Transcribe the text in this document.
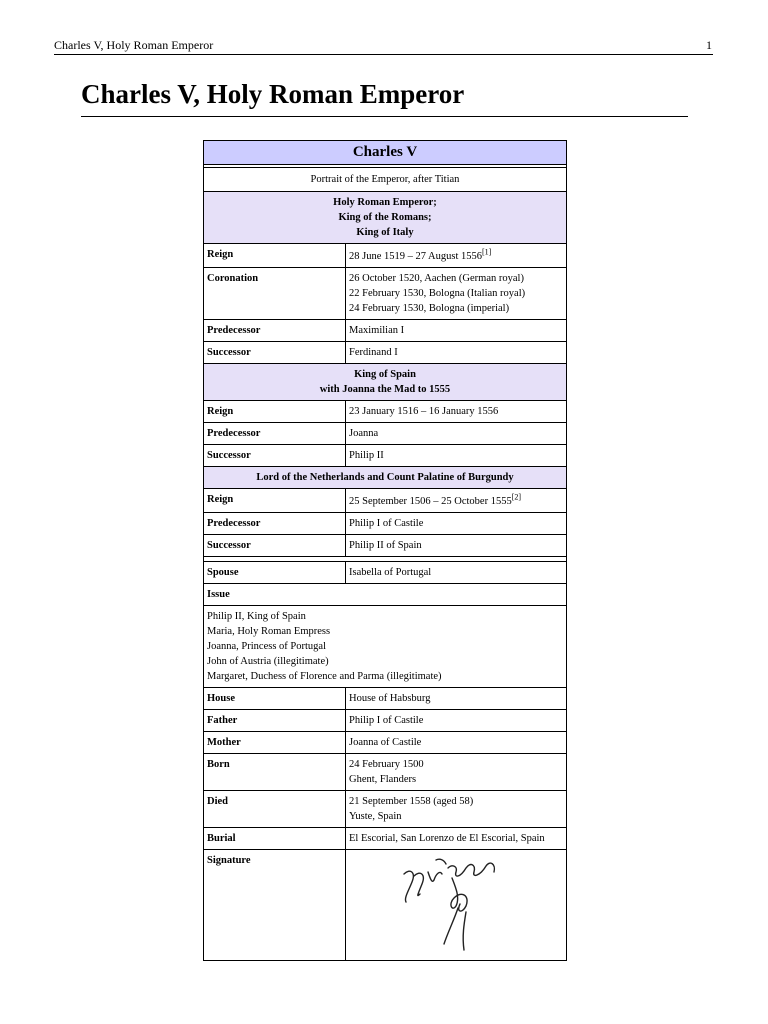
Charles V, Holy Roman Emperor	1
Charles V, Holy Roman Emperor
Charles V	

Portrait of the Emperor, after Titian	

Holy Roman Emperor;
King of the Romans;
King of Italy	

Reign	28 June 1519 – 27 August 1556[1]
Coronation	26 October 1520, Aachen (German royal)
22 February 1530, Bologna (Italian royal)
24 February 1530, Bologna (imperial)

Predecessor	Maximilian I
Successor	Ferdinand I

King of Spain
with Joanna the Mad to 1555	

Reign	23 January 1516 – 16 January 1556
Predecessor	Joanna
Successor	Philip II
Lord of the Netherlands and Count Palatine of Burgundy	
Reign	25 September 1506 – 25 October 1555[2]
Predecessor	Philip I of Castile
Successor	Philip II of Spain

Spouse	Isabella of Portugal
Issue	

Philip II, King of Spain
Maria, Holy Roman Empress
Joanna, Princess of Portugal
John of Austria (illegitimate)
Margaret, Duchess of Florence and Parma (illegitimate)	

House	House of Habsburg
Father	Philip I of Castile
Mother	Joanna of Castile
Born	24 February 1500
Ghent, Flanders

Died	21 September 1558 (aged 58)
Yuste, Spain

Burial	El Escorial, San Lorenzo de El Escorial, Spain
Signature	
